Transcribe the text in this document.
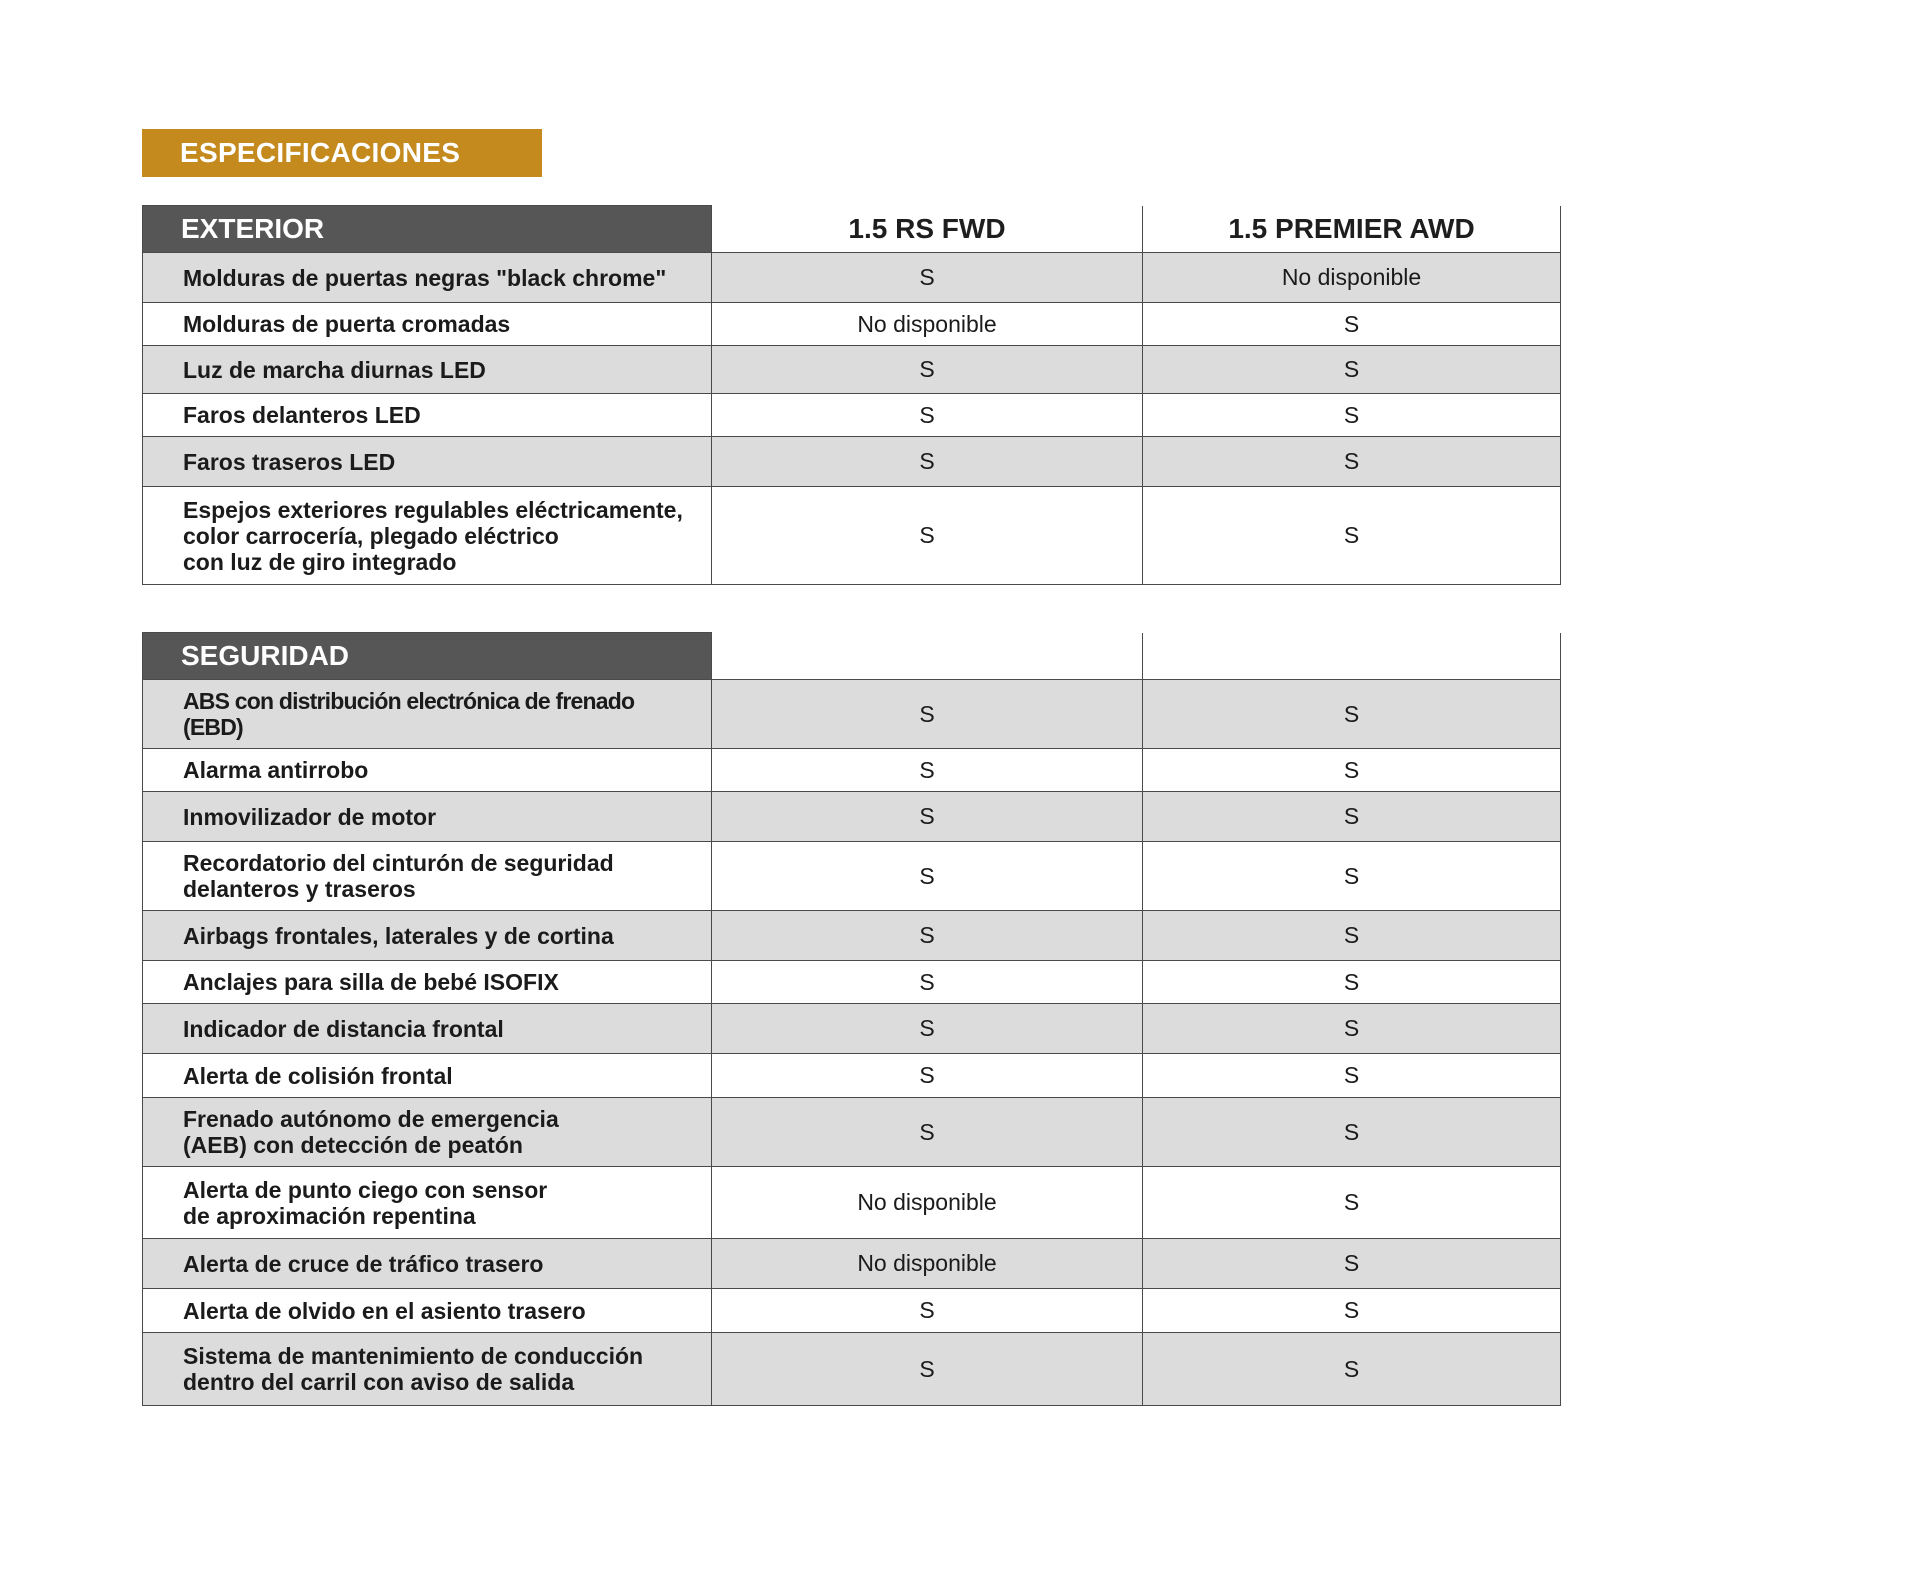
ESPECIFICACIONES
EXTERIOR	1.5 RS FWD	1.5 PREMIER AWD
Molduras de puertas negras "black chrome"	S	No disponible
Molduras de puerta cromadas	No disponible	S
Luz de marcha diurnas LED	S	S
Faros delanteros LED	S	S
Faros traseros LED	S	S
Espejos exteriores regulables eléctricamente,
color carrocería, plegado eléctrico
con luz de giro integrado	S	S
SEGURIDAD		
ABS con distribución electrónica de frenado (EBD)	S	S
Alarma antirrobo	S	S
Inmovilizador de motor	S	S
Recordatorio del cinturón de seguridad
delanteros y traseros	S	S
Airbags frontales, laterales y de cortina	S	S
Anclajes para silla de bebé ISOFIX	S	S
Indicador de distancia frontal	S	S
Alerta de colisión frontal	S	S
Frenado autónomo de emergencia
(AEB) con detección de peatón	S	S
Alerta de punto ciego con sensor
de aproximación repentina	No disponible	S
Alerta de cruce de tráfico trasero	No disponible	S
Alerta de olvido en el asiento trasero	S	S
Sistema de mantenimiento de conducción
dentro del carril con aviso de salida	S	S
